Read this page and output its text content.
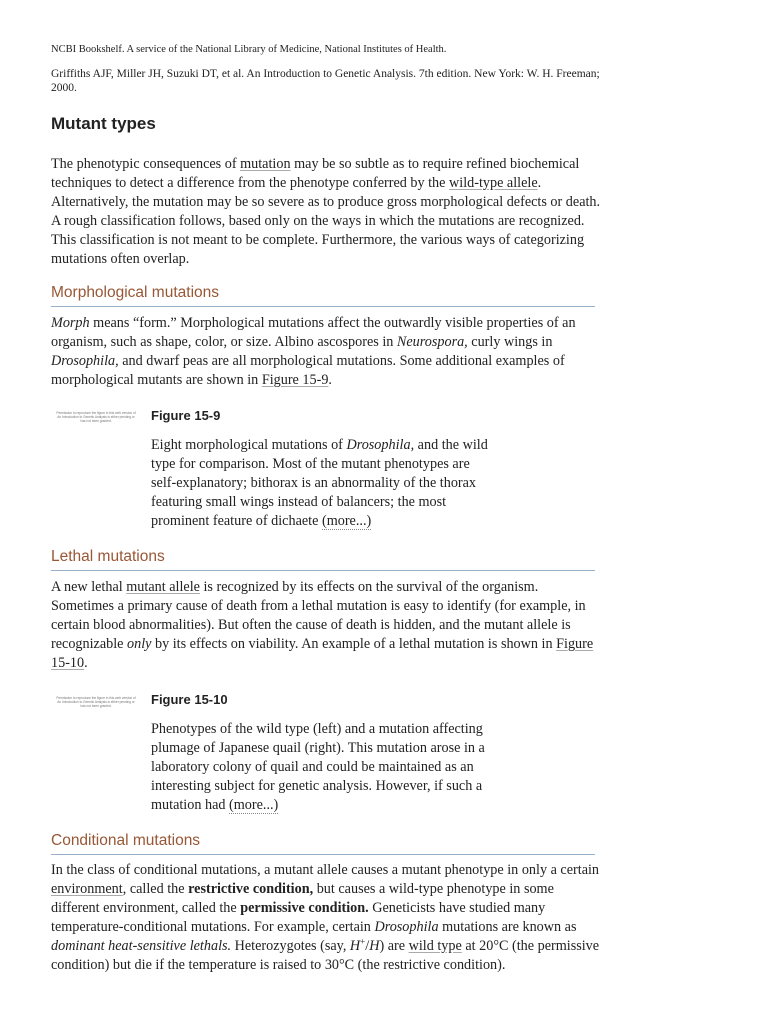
NCBI Bookshelf. A service of the National Library of Medicine, National Institutes of Health.
Griffiths AJF, Miller JH, Suzuki DT, et al. An Introduction to Genetic Analysis. 7th edition. New York: W. H. Freeman; 2000.
Mutant types
The phenotypic consequences of mutation may be so subtle as to require refined biochemical techniques to detect a difference from the phenotype conferred by the wild-type allele. Alternatively, the mutation may be so severe as to produce gross morphological defects or death. A rough classification follows, based only on the ways in which the mutations are recognized. This classification is not meant to be complete. Furthermore, the various ways of categorizing mutations often overlap.
Morphological mutations
Morph means “form.” Morphological mutations affect the outwardly visible properties of an organism, such as shape, color, or size. Albino ascospores in Neurospora, curly wings in Drosophila, and dwarf peas are all morphological mutations. Some additional examples of morphological mutants are shown in Figure 15-9.
Permission to reproduce the figure in this web version of An Introduction to Genetic Analysis is either pending or has not been granted.	Figure 15-9
Eight morphological mutations of Drosophila, and the wild type for comparison. Most of the mutant phenotypes are self-explanatory; bithorax is an abnormality of the thorax featuring small wings instead of balancers; the most prominent feature of dichaete (more...)
Lethal mutations
A new lethal mutant allele is recognized by its effects on the survival of the organism. Sometimes a primary cause of death from a lethal mutation is easy to identify (for example, in certain blood abnormalities). But often the cause of death is hidden, and the mutant allele is recognizable only by its effects on viability. An example of a lethal mutation is shown in Figure 15-10.
Permission to reproduce the figure in this web version of An Introduction to Genetic Analysis is either pending or has not been granted.	Figure 15-10
Phenotypes of the wild type (left) and a mutation affecting plumage of Japanese quail (right). This mutation arose in a laboratory colony of quail and could be maintained as an interesting subject for genetic analysis. However, if such a mutation had (more...)
Conditional mutations
In the class of conditional mutations, a mutant allele causes a mutant phenotype in only a certain environment, called the restrictive condition, but causes a wild-type phenotype in some different environment, called the permissive condition. Geneticists have studied many temperature-conditional mutations. For example, certain Drosophila mutations are known as dominant heat-sensitive lethals. Heterozygotes (say, H+/H) are wild type at 20°C (the permissive condition) but die if the temperature is raised to 30°C (the restrictive condition).
